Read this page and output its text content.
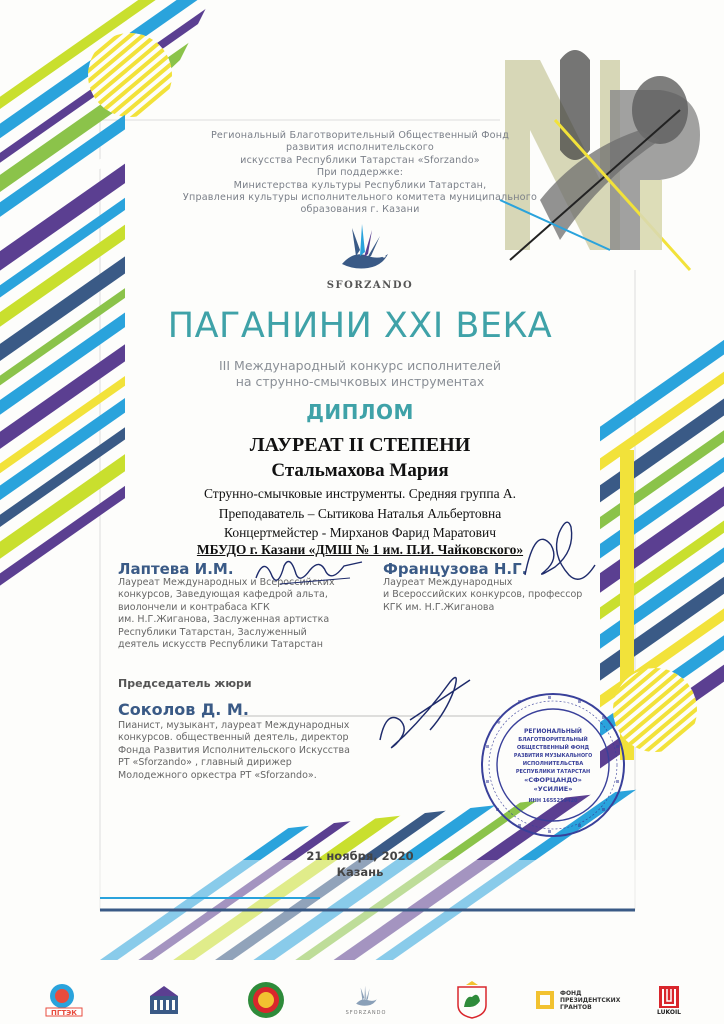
Региональный Благотворительный Общественный Фонд
развития исполнительского
искусства Республики Татарстан «Sforzando»
При поддержке:
Министерства культуры Республики Татарстан,
Управления культуры исполнительного комитета муниципального
образования г. Казани
SFORZANDO
ПАГАНИНИ XXI ВЕКА
III Международный конкурс исполнителей
на струнно-смычковых инструментах
ДИПЛОМ
ЛАУРЕАТ II СТЕПЕНИ
Стальмахова Мария
Струнно-смычковые инструменты. Средняя группа А.
Преподаватель – Сытикова Наталья Альбертовна
Концертмейстер - Мирханов Фарид Маратович
МБУДО г. Казани «ДМШ № 1 им. П.И. Чайковского»
Лаптева И.М.
Лауреат Международных и Всероссийских
конкурсов, Заведующая кафедрой альта,
виолончели и контрабаса КГК
им. Н.Г.Жиганова, Заслуженная артистка
Республики Татарстан, Заслуженный
деятель искусств Республики Татарстан
Французова Н.Г.
Лауреат Международных
и Всероссийских конкурсов, профессор
КГК им. Н.Г.Жиганова
Председатель жюри
Соколов Д. М.
Пианист, музыкант, лауреат Международных
конкурсов. общественный деятель, директор
Фонда Развития Исполнительского Искусства
РТ «Sforzando» , главный дирижер
Молодежного оркестра РТ «Sforzando».
РЕГИОНАЛЬНЫЙ
БЛАГОТВОРИТЕЛЬНЫЙ
ОБЩЕСТВЕННЫЙ ФОНД
РАЗВИТИЯ МУЗЫКАЛЬНОГО
ИСПОЛНИТЕЛЬСТВА
РЕСПУБЛИКИ ТАТАРСТАН
«СФОРЦАНДО»
«УСИЛИЕ»
ИНН 1655259420
21 ноября, 2020
Казань
ПГТЭК	SFORZANDO
ФОНД ПРЕЗИДЕНТСКИХ ГРАНТОВ
LUKOIL
